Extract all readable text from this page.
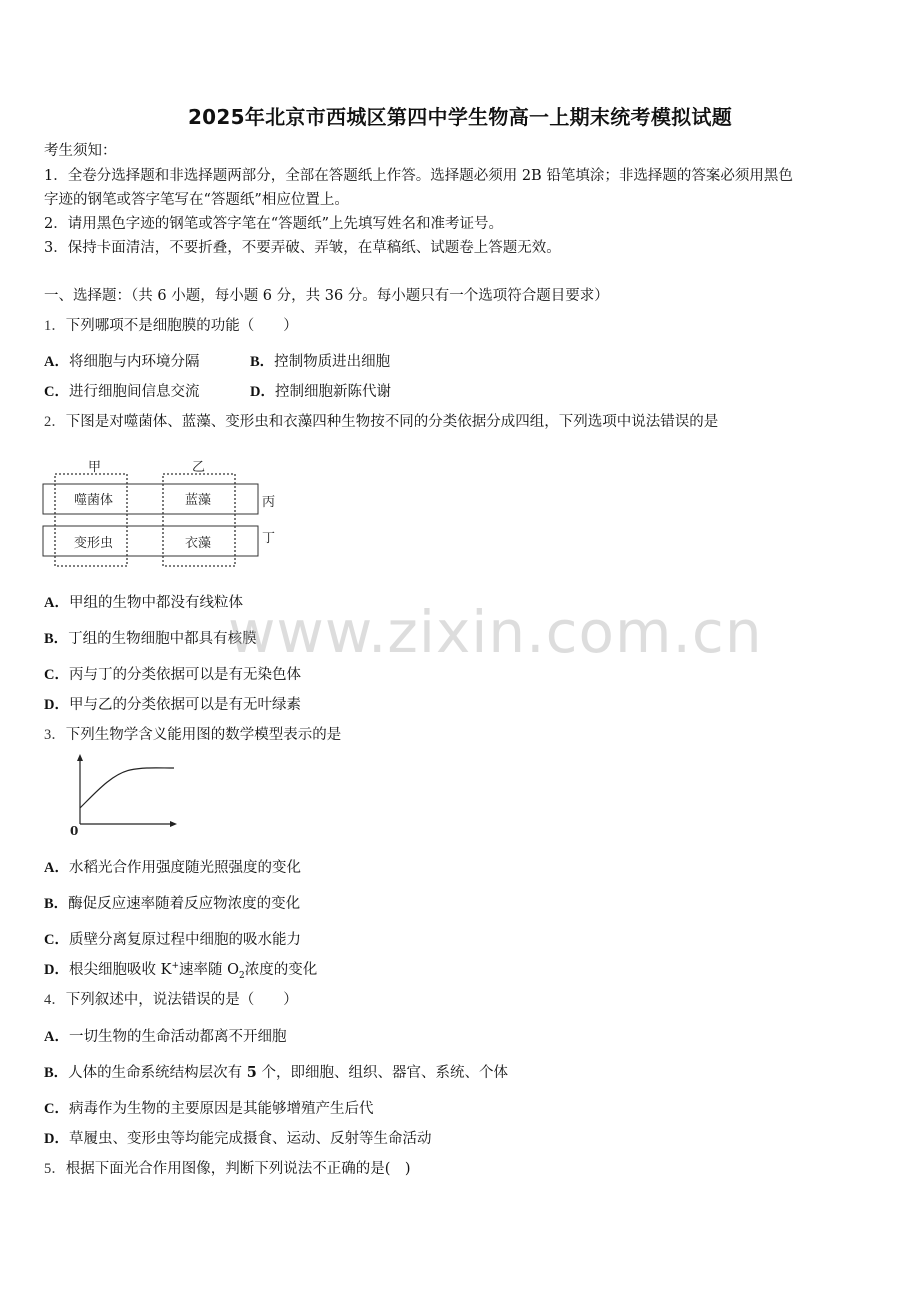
2025年北京市西城区第四中学生物高一上期末统考模拟试题
考生须知：
1．全卷分选择题和非选择题两部分，全部在答题纸上作答。选择题必须用 2B 铅笔填涂；非选择题的答案必须用黑色
字迹的钢笔或答字笔写在“答题纸”相应位置上。
2．请用黑色字迹的钢笔或答字笔在“答题纸”上先填写姓名和准考证号。
3．保持卡面清洁，不要折叠，不要弄破、弄皱，在草稿纸、试题卷上答题无效。
一、选择题：（共 6 小题，每小题 6 分，共 36 分。每小题只有一个选项符合题目要求）
1．下列哪项不是细胞膜的功能（　　）
A．将细胞与内环境分隔	B．控制物质进出细胞
C．进行细胞间信息交流	D．控制细胞新陈代谢
2．下图是对噬菌体、蓝藻、变形虫和衣藻四种生物按不同的分类依据分成四组，下列选项中说法错误的是
甲	乙
噬菌体	蓝藻
变形虫	衣藻
丙
丁
A．甲组的生物中都没有线粒体
B．丁组的生物细胞中都具有核膜
C．丙与丁的分类依据可以是有无染色体
D．甲与乙的分类依据可以是有无叶绿素
3．下列生物学含义能用图的数学模型表示的是
0
A．水稻光合作用强度随光照强度的变化
B．酶促反应速率随着反应物浓度的变化
C．质壁分离复原过程中细胞的吸水能力
D．根尖细胞吸收 K+速率随 $O_2$浓度的变化
4．下列叙述中，说法错误的是（　　）
A．一切生物的生命活动都离不开细胞
B．人体的生命系统结构层次有 5 个，即细胞、组织、器官、系统、个体
C．病毒作为生物的主要原因是其能够增殖产生后代
D．草履虫、变形虫等均能完成摄食、运动、反射等生命活动
5．根据下面光合作用图像，判断下列说法不正确的是(　)
www.zixin.com.cn
